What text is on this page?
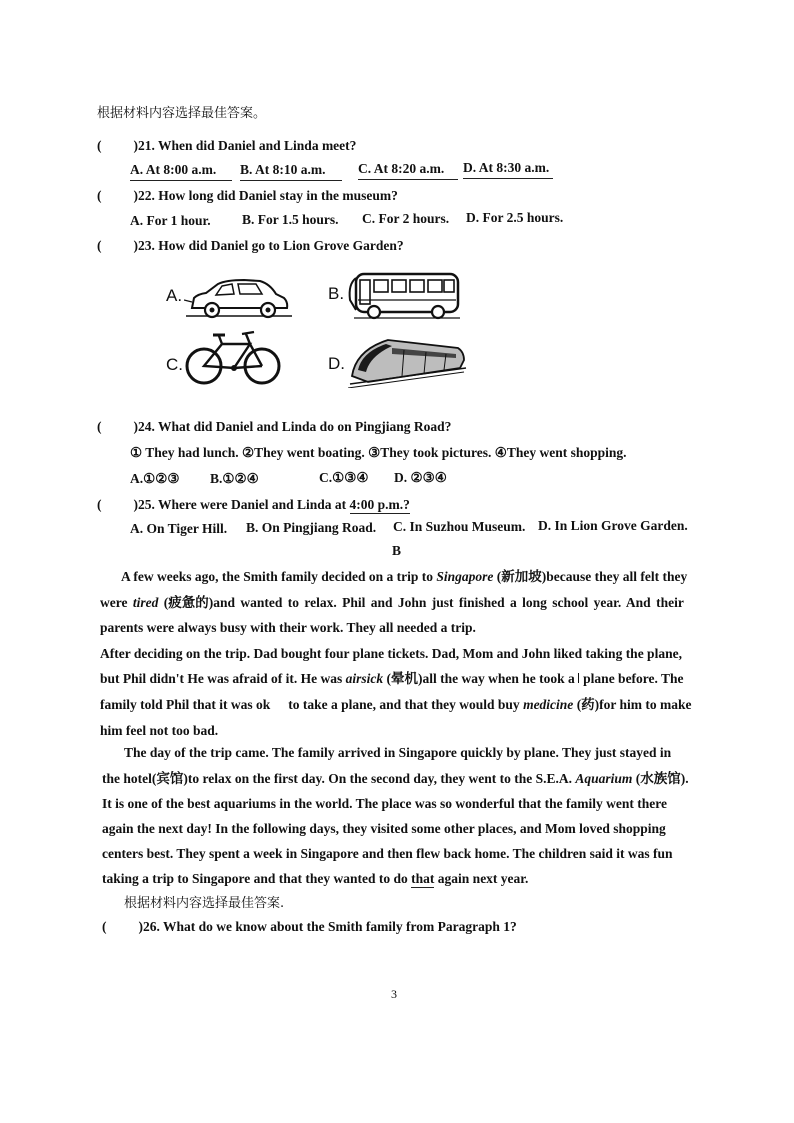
根据材料内容选择最佳答案。
( )21. When did Daniel and Linda meet?
A. At 8:00 a.m.	B. At 8:10 a.m.	C. At 8:20 a.m.	D. At 8:30 a.m.
( )22. How long did Daniel stay in the museum?
A. For 1 hour. B. For 1.5 hours. C. For 2 hours. D. For 2.5 hours.
( )23. How did Daniel go to Lion Grove Garden?
A.	B.
C.	D.
( )24. What did Daniel and Linda do on Pingjiang Road?
① They had lunch. ②They went boating. ③They took pictures. ④They went shopping.
A.①②③ B.①②④	C.①③④ D. ②③④
( )25. Where were Daniel and Linda at 4:00 p.m.?
A. On Tiger Hill. B. On Pingjiang Road. C. In Suzhou Museum. D. In Lion Grove Garden.
B
A few weeks ago, the Smith family decided on a trip to Singapore (新加坡)because they all felt they
were tired (疲惫的)and wanted to relax. Phil and John just finished a long school year. And their
parents were always busy with their work. They all needed a trip.
After deciding on the trip. Dad bought four plane tickets. Dad, Mom and John liked taking the plane,
but Phil didn't He was afraid of it. He was airsick (晕机)all the way when he took a plane before. The
family told Phil that it was ok to take a plane, and that they would buy medicine (药)for him to make
him feel not too bad.
The day of the trip came. The family arrived in Singapore quickly by plane. They just stayed in
the hotel(宾馆)to relax on the first day. On the second day, they went to the S.E.A. Aquarium (水族馆).
It is one of the best aquariums in the world. The place was so wonderful that the family went there
again the next day! In the following days, they visited some other places, and Mom loved shopping
centers best. They spent a week in Singapore and then flew back home. The children said it was fun
taking a trip to Singapore and that they wanted to do that again next year.
根据材料内容选择最佳答案.
( )26. What do we know about the Smith family from Paragraph 1?
3
